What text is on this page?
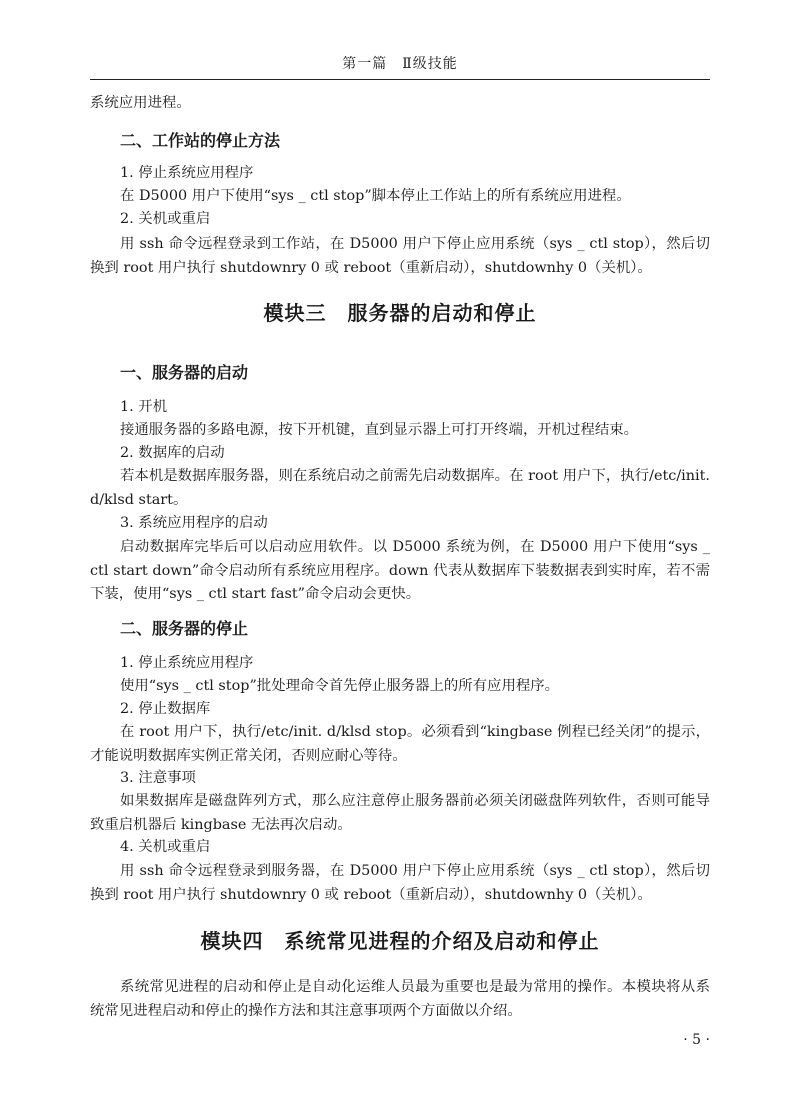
第一篇　Ⅱ级技能

系统应用进程。

二、工作站的停止方法

1. 停止系统应用程序

在 D5000 用户下使用“sys _ ctl stop”脚本停止工作站上的所有系统应用进程。

2. 关机或重启

用 ssh 命令远程登录到工作站，在 D5000 用户下停止应用系统（sys _ ctl stop），然后切换到 root 用户执行 shutdownry 0 或 reboot（重新启动），shutdownhy 0（关机）。

模块三　服务器的启动和停止
一、服务器的启动

1. 开机

接通服务器的多路电源，按下开机键，直到显示器上可打开终端，开机过程结束。

2. 数据库的启动

若本机是数据库服务器，则在系统启动之前需先启动数据库。在 root 用户下，执行/etc/init. d/klsd start。

3. 系统应用程序的启动

启动数据库完毕后可以启动应用软件。以 D5000 系统为例，在 D5000 用户下使用“sys _ ctl start down”命令启动所有系统应用程序。down 代表从数据库下装数据表到实时库，若不需下装，使用“sys _ ctl start fast”命令启动会更快。

二、服务器的停止

1. 停止系统应用程序

使用“sys _ ctl stop”批处理命令首先停止服务器上的所有应用程序。

2. 停止数据库

在 root 用户下，执行/etc/init. d/klsd stop。必须看到“kingbase 例程已经关闭”的提示，才能说明数据库实例正常关闭，否则应耐心等待。

3. 注意事项

如果数据库是磁盘阵列方式，那么应注意停止服务器前必须关闭磁盘阵列软件，否则可能导致重启机器后 kingbase 无法再次启动。

4. 关机或重启

用 ssh 命令远程登录到服务器，在 D5000 用户下停止应用系统（sys _ ctl stop），然后切换到 root 用户执行 shutdownry 0 或 reboot（重新启动），shutdownhy 0（关机）。

模块四　系统常见进程的介绍及启动和停止

系统常见进程的启动和停止是自动化运维人员最为重要也是最为常用的操作。本模块将从系统常见进程启动和停止的操作方法和其注意事项两个方面做以介绍。

· 5 ·
